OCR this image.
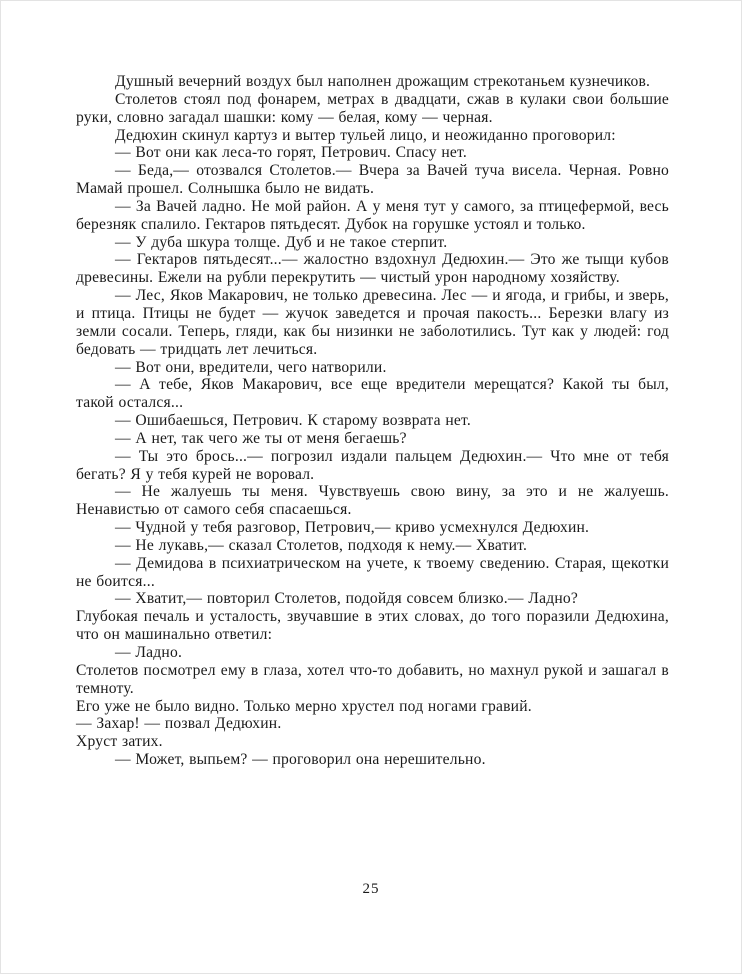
Душный вечерний воздух был наполнен дрожащим стрекотаньем кузнечиков.

Столетов стоял под фонарем, метрах в двадцати, сжав в кулаки свои большие руки, словно загадал шашки: кому — белая, кому — черная.

Дедюхин скинул картуз и вытер тульей лицо, и неожиданно проговорил:

— Вот они как леса-то горят, Петрович. Спасу нет.

— Беда,— отозвался Столетов.— Вчера за Вачей туча висела. Черная. Ровно Мамай прошел. Солнышка было не видать.

— За Вачей ладно. Не мой район. А у меня тут у самого, за птицефермой, весь березняк спалило. Гектаров пятьдесят. Дубок на горушке устоял и только.

— У дуба шкура толще. Дуб и не такое стерпит.

— Гектаров пятьдесят...— жалостно вздохнул Дедюхин.— Это же тыщи кубов древесины. Ежели на рубли перекрутить — чистый урон народному хозяйству.

— Лес, Яков Макарович, не только древесина. Лес — и ягода, и грибы, и зверь, и птица. Птицы не будет — жучок заведется и прочая пакость... Березки влагу из земли сосали. Теперь, гляди, как бы низинки не заболотились. Тут как у людей: год бедовать — тридцать лет лечиться.

— Вот они, вредители, чего натворили.

— А тебе, Яков Макарович, все еще вредители мерещатся? Какой ты был, такой остался...

— Ошибаешься, Петрович. К старому возврата нет.

— А нет, так чего же ты от меня бегаешь?

— Ты это брось...— погрозил издали пальцем Дедюхин.— Что мне от тебя бегать? Я у тебя курей не воровал.

— Не жалуешь ты меня. Чувствуешь свою вину, за это и не жалуешь. Ненавистью от самого себя спасаешься.

— Чудной у тебя разговор, Петрович,— криво усмехнулся Дедюхин.

— Не лукавь,— сказал Столетов, подходя к нему.— Хватит.

— Демидова в психиатрическом на учете, к твоему сведению. Старая, щекотки не боится...

— Хватит,— повторил Столетов, подойдя совсем близко.— Ладно?

Глубокая печаль и усталость, звучавшие в этих словах, до того поразили Дедюхина, что он машинально ответил:

— Ладно.

Столетов посмотрел ему в глаза, хотел что-то добавить, но махнул рукой и зашагал в темноту.

Его уже не было видно. Только мерно хрустел под ногами гравий.

— Захар! — позвал Дедюхин.

Хруст затих.

— Может, выпьем? — проговорил она нерешительно.

25
